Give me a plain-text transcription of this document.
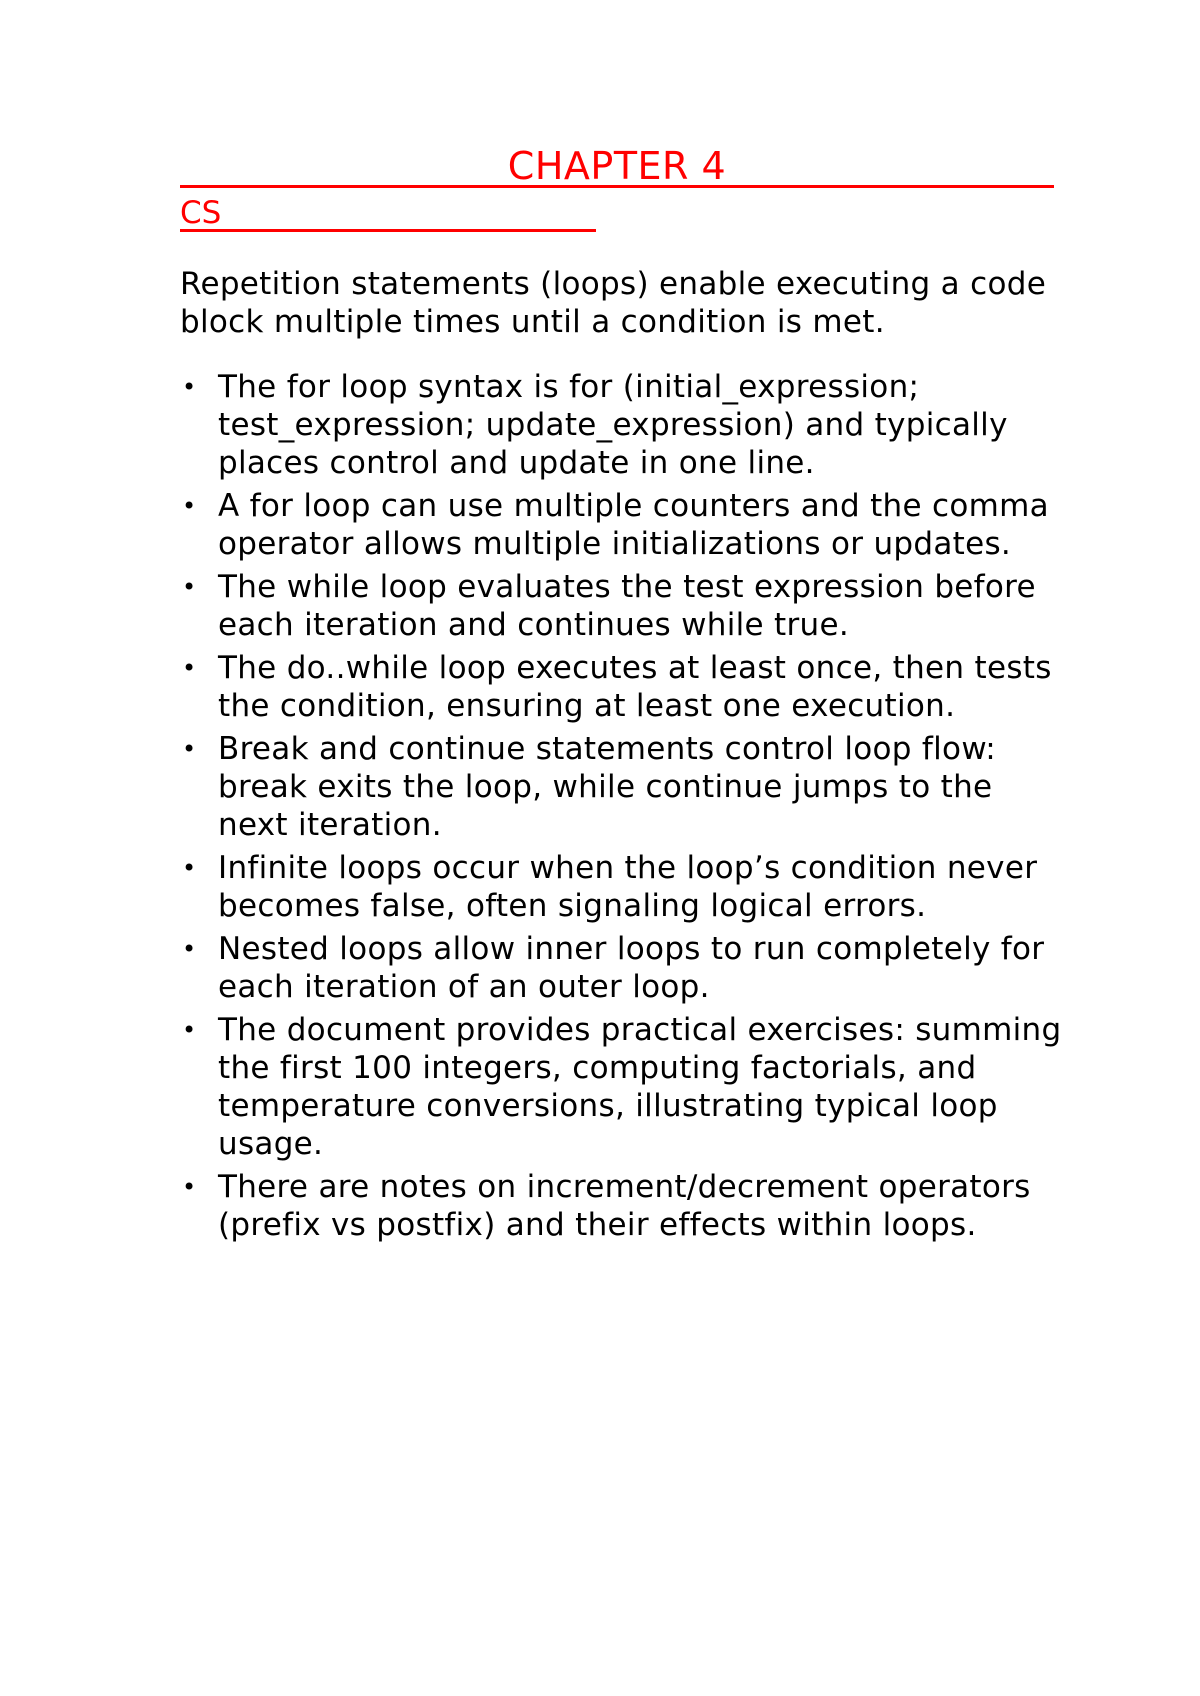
CHAPTER 4
CS

Repetition statements (loops) enable executing a code block multiple times until a condition is met.

• The for loop syntax is for (initial_expression; test_expression; update_expression) and typically places control and update in one line.
• A for loop can use multiple counters and the comma operator allows multiple initializations or updates.
• The while loop evaluates the test expression before each iteration and continues while true.
• The do..while loop executes at least once, then tests the condition, ensuring at least one execution.
• Break and continue statements control loop flow: break exits the loop, while continue jumps to the next iteration.
• Infinite loops occur when the loop’s condition never becomes false, often signaling logical errors.
• Nested loops allow inner loops to run completely for each iteration of an outer loop.
• The document provides practical exercises: summing the first 100 integers, computing factorials, and temperature conversions, illustrating typical loop usage.
• There are notes on increment/decrement operators (prefix vs postfix) and their effects within loops.
